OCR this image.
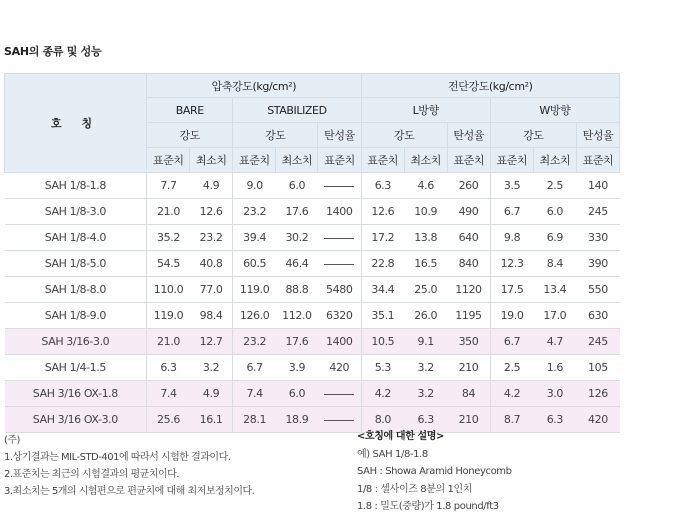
SAH의 종류 및 성능
호 칭	압축강도(kg/cm²)					전단강도(kg/cm²)					
	BARE		STABILIZED			L방향			W방향		
	강도		강도		탄성율	강도		탄성율	강도		탄성율
	표준치	최소치	표준치	최소치	표준치	표준치	최소치	표준치	표준치	최소치	표준치
SAH 1/8-1.8	7.7	4.9	9.0	6.0		6.3	4.6	260	3.5	2.5	140
SAH 1/8-3.0	21.0	12.6	23.2	17.6	1400	12.6	10.9	490	6.7	6.0	245
SAH 1/8-4.0	35.2	23.2	39.4	30.2		17.2	13.8	640	9.8	6.9	330
SAH 1/8-5.0	54.5	40.8	60.5	46.4		22.8	16.5	840	12.3	8.4	390
SAH 1/8-8.0	110.0	77.0	119.0	88.8	5480	34.4	25.0	1120	17.5	13.4	550
SAH 1/8-9.0	119.0	98.4	126.0	112.0	6320	35.1	26.0	1195	19.0	17.0	630
SAH 3/16-3.0	21.0	12.7	23.2	17.6	1400	10.5	9.1	350	6.7	4.7	245
SAH 1/4-1.5	6.3	3.2	6.7	3.9	420	5.3	3.2	210	2.5	1.6	105
SAH 3/16 OX-1.8	7.4	4.9	7.4	6.0		4.2	3.2	84	4.2	3.0	126
SAH 3/16 OX-3.0	25.6	16.1	28.1	18.9		8.0	6.3	210	8.7	6.3	420
(주)
1.상기결과는 MIL-STD-401에 따라서 시험한 결과이다.
2.표준치는 최근의 시험결과의 평균치이다.
3.최소치는 5개의 시험편으로 편균치에 대해 최저보정치이다.
<호칭에 대한 설명>
예) SAH 1/8-1.8
SAH : Showa Aramid Honeycomb
1/8 : 셀사이즈 8분의 1인치
1.8 : 밀도(중량)가 1.8 pound/ft3
